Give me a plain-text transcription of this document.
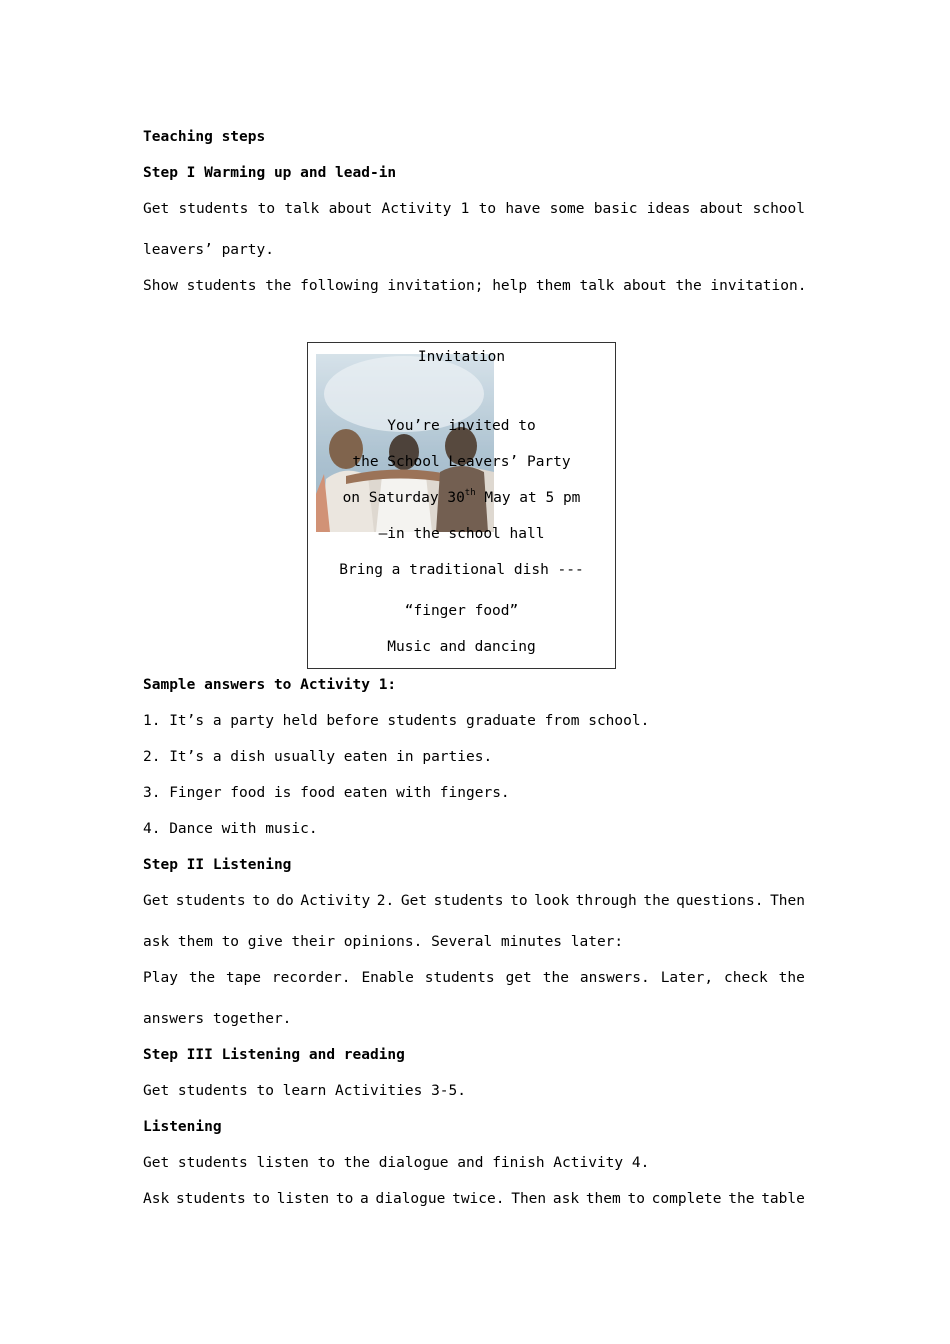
Teaching steps
Step I Warming up and lead-in
Get students to talk about Activity 1 to have some basic ideas about school
leavers’ party.
Show students the following invitation; help them talk about the invitation.
Invitation
You’re invited to
the School Leavers’ Party
on Saturday 30th May at 5 pm
—in the school hall
Bring a traditional dish ---
“finger food”
Music and dancing
Sample answers to Activity 1:
1. It’s a party held before students graduate from school.
2. It’s a dish usually eaten in parties.
3. Finger food is food eaten with fingers.
4. Dance with music.
Step II Listening
Get students to do Activity 2. Get students to look through the questions. Then
ask them to give their opinions. Several minutes later:
Play the tape recorder. Enable students get the answers. Later, check the
answers together.
Step III Listening and reading
Get students to learn Activities 3-5.
Listening
Get students listen to the dialogue and finish Activity 4.
Ask students to listen to a dialogue twice. Then ask them to complete the table
